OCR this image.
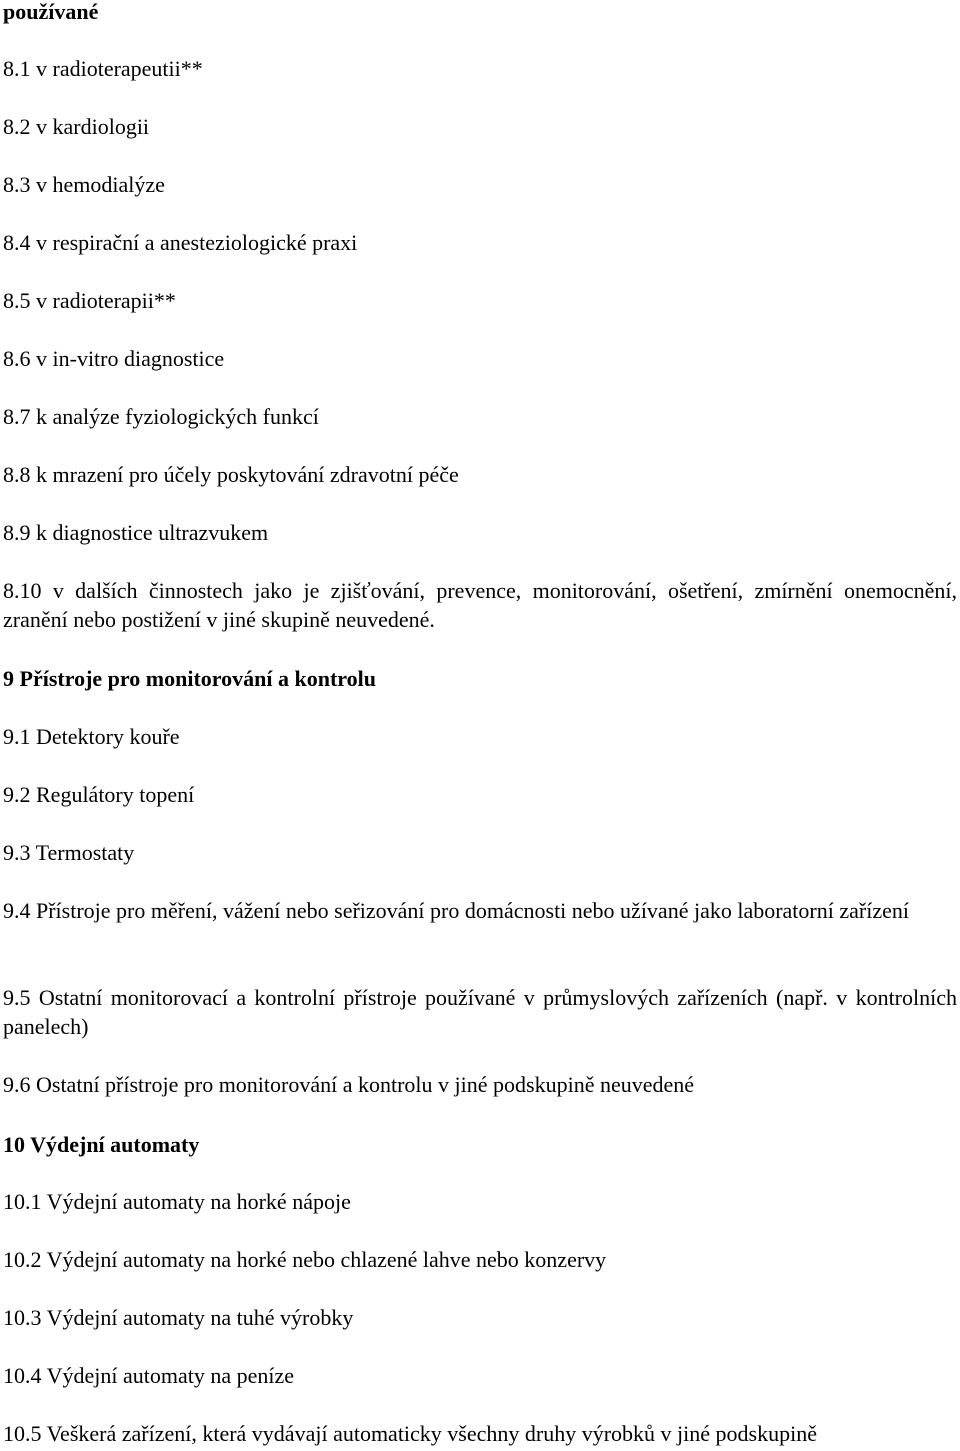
používané
8.1 v radioterapeutii**
8.2 v kardiologii
8.3 v hemodialýze
8.4 v respirační a anesteziologické praxi
8.5 v radioterapii**
8.6 v in-vitro diagnostice
8.7 k analýze fyziologických funkcí
8.8 k mrazení pro účely poskytování zdravotní péče
8.9 k diagnostice ultrazvukem
8.10 v dalších činnostech jako je zjišťování, prevence, monitorování, ošetření, zmírnění onemocnění, zranění nebo postižení v jiné skupině neuvedené.
9 Přístroje pro monitorování a kontrolu
9.1 Detektory kouře
9.2 Regulátory topení
9.3 Termostaty
9.4 Přístroje pro měření, vážení nebo seřizování pro domácnosti nebo užívané jako laboratorní zařízení
9.5 Ostatní monitorovací a kontrolní přístroje používané v průmyslových zařízeních (např. v kontrolních panelech)
9.6 Ostatní přístroje pro monitorování a kontrolu v jiné podskupině neuvedené
10 Výdejní automaty
10.1 Výdejní automaty na horké nápoje
10.2 Výdejní automaty na horké nebo chlazené lahve nebo konzervy
10.3 Výdejní automaty na tuhé výrobky
10.4 Výdejní automaty na peníze
10.5 Veškerá zařízení, která vydávají automaticky všechny druhy výrobků v jiné podskupině
